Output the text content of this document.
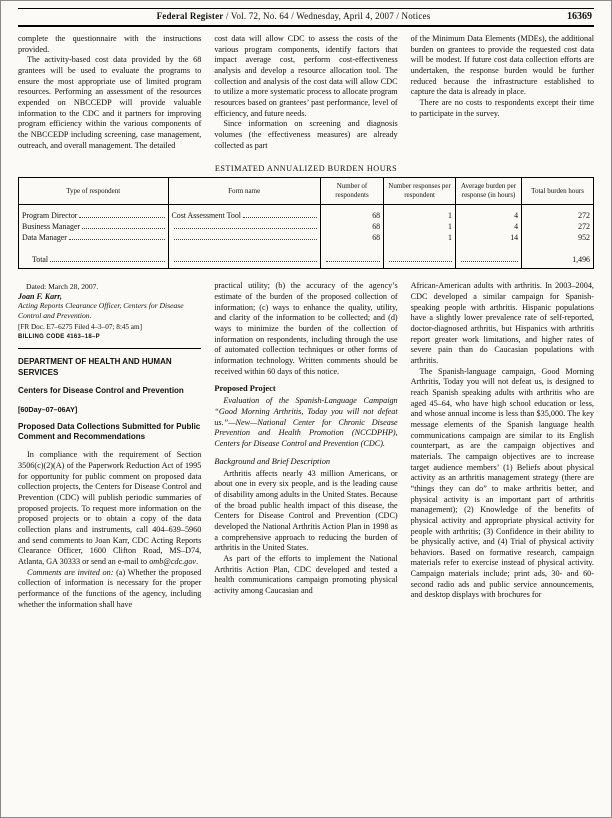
Federal Register / Vol. 72, No. 64 / Wednesday, April 4, 2007 / Notices	16369

complete the questionnaire with the instructions provided.

The activity-based cost data provided by the 68 grantees will be used to evaluate the programs to ensure the most appropriate use of limited program resources. Performing an assessment of the resources expended on NBCCEDP will provide valuable information to the CDC and it partners for improving program efficiency within the various components of the NBCCEDP including screening, case management, outreach, and overall management. The detailed

cost data will allow CDC to assess the costs of the various program components, identify factors that impact average cost, perform cost-effectiveness analysis and develop a resource allocation tool. The collection and analysis of the cost data will allow CDC to utilize a more systematic process to allocate program resources based on grantees’ past performance, level of efficiency, and future needs.

Since information on screening and diagnosis volumes (the effectiveness measures) are already collected as part

of the Minimum Data Elements (MDEs), the additional burden on grantees to provide the requested cost data will be modest. If future cost data collection efforts are undertaken, the response burden would be further reduced because the infrastructure established to capture the data is already in place.

There are no costs to respondents except their time to participate in the survey.

ESTIMATED ANNUALIZED BURDEN HOURS
Type of respondent	Form name	Number of respondents	Number responses per respondent	Average burden per response (in hours)	Total burden hours

Program Director	Cost Assessment Tool	68	1	4	272

Business Manager		68	1	4	272

Data Manager		68	1	14	952

Total					1,496

Dated: March 28, 2007.

Joan F. Karr,

Acting Reports Clearance Officer, Centers for Disease Control and Prevention.

[FR Doc. E7–6275 Filed 4–3–07; 8:45 am]

BILLING CODE 4163–18–P

DEPARTMENT OF HEALTH AND HUMAN SERVICES
Centers for Disease Control and Prevention

[60Day–07–06AY]

Proposed Data Collections Submitted for Public Comment and Recommendations

In compliance with the requirement of Section 3506(c)(2)(A) of the Paperwork Reduction Act of 1995 for opportunity for public comment on proposed data collection projects, the Centers for Disease Control and Prevention (CDC) will publish periodic summaries of proposed projects. To request more information on the proposed projects or to obtain a copy of the data collection plans and instruments, call 404–639–5960 and send comments to Joan Karr, CDC Acting Reports Clearance Officer, 1600 Clifton Road, MS–D74, Atlanta, GA 30333 or send an e-mail to omb@cdc.gov.

Comments are invited on: (a) Whether the proposed collection of information is necessary for the proper performance of the functions of the agency, including whether the information shall have

practical utility; (b) the accuracy of the agency’s estimate of the burden of the proposed collection of information; (c) ways to enhance the quality, utility, and clarity of the information to be collected; and (d) ways to minimize the burden of the collection of information on respondents, including through the use of automated collection techniques or other forms of information technology. Written comments should be received within 60 days of this notice.

Proposed Project

Evaluation of the Spanish-Language Campaign “Good Morning Arthritis, Today you will not defeat us.”—New—National Center for Chronic Disease Prevention and Health Promotion (NCCDPHP), Centers for Disease Control and Prevention (CDC).

Background and Brief Description

Arthritis affects nearly 43 million Americans, or about one in every six people, and is the leading cause of disability among adults in the United States. Because of the broad public health impact of this disease, the Centers for Disease Control and Prevention (CDC) developed the National Arthritis Action Plan in 1998 as a comprehensive approach to reducing the burden of arthritis in the United States.

As part of the efforts to implement the National Arthritis Action Plan, CDC developed and tested a health communications campaign promoting physical activity among Caucasian and

African-American adults with arthritis. In 2003–2004, CDC developed a similar campaign for Spanish-speaking people with arthritis. Hispanic populations have a slightly lower prevalence rate of self-reported, doctor-diagnosed arthritis, but Hispanics with arthritis report greater work limitations, and higher rates of severe pain than do Caucasian populations with arthritis.

The Spanish-language campaign, Good Morning Arthritis, Today you will not defeat us, is designed to reach Spanish speaking adults with arthritis who are aged 45–64, who have high school education or less, and whose annual income is less than $35,000. The key message elements of the Spanish language health communications campaign are similar to its English counterpart, as are the campaign objectives and materials. The campaign objectives are to increase target audience members’ (1) Beliefs about physical activity as an arthritis management strategy (there are “things they can do” to make arthritis better, and physical activity is an important part of arthritis management); (2) Knowledge of the benefits of physical activity and appropriate physical activity for people with arthritis; (3) Confidence in their ability to be physically active, and (4) Trial of physical activity behaviors. Based on formative research, campaign materials refer to exercise instead of physical activity. Campaign materials include; print ads, 30- and 60-second radio ads and public service announcements, and desktop displays with brochures for
